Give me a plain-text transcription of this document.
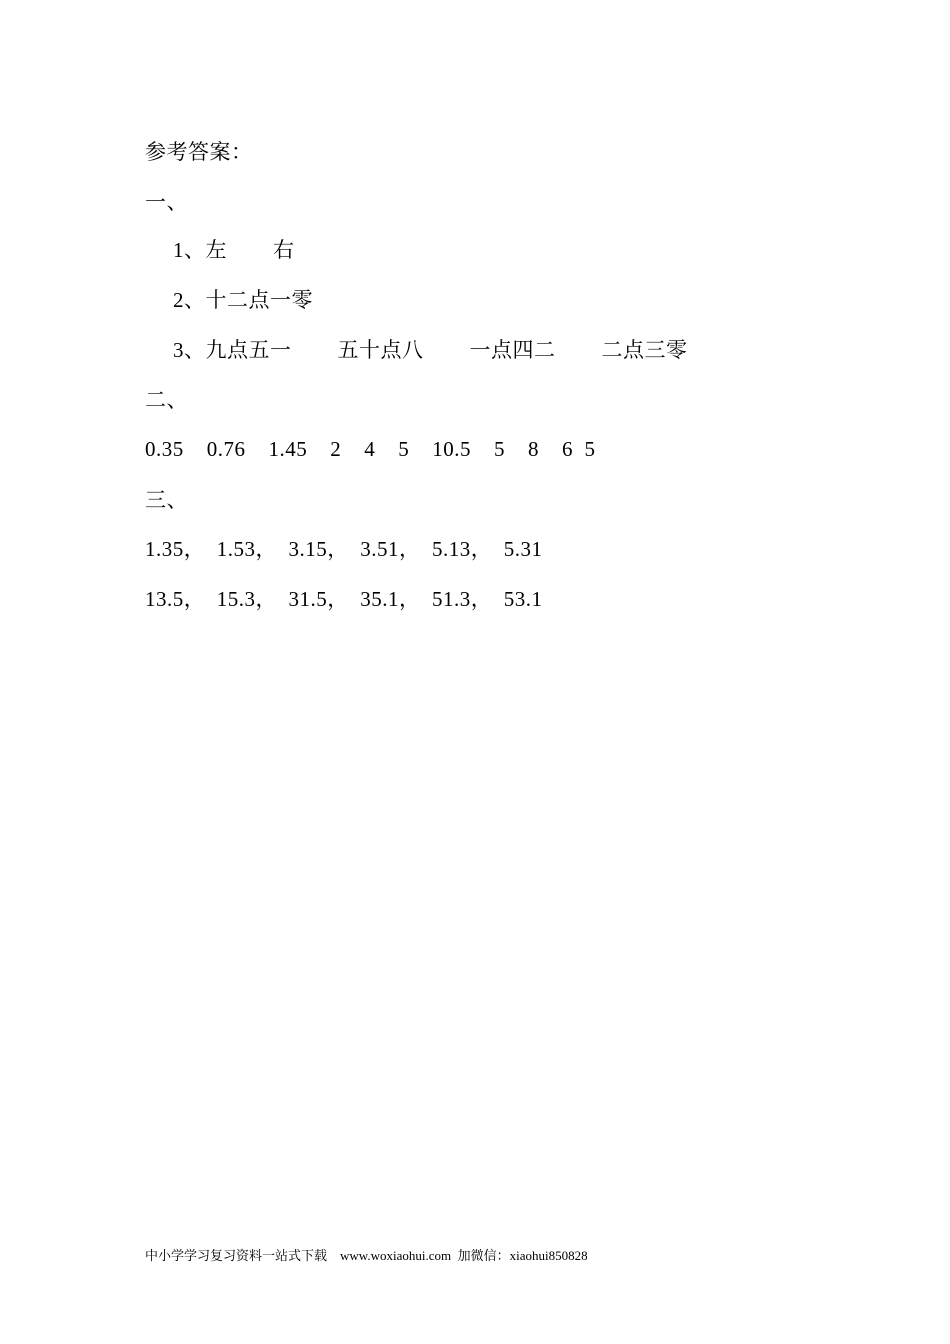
参考答案：
一、
1、左        右
2、十二点一零
3、九点五一        五十点八        一点四二        二点三零
二、
0.35    0.76    1.45    2    4    5    10.5    5    8    6  5
三、
1.35，  1.53，  3.15，  3.51，  5.13，  5.31
13.5，  15.3，  31.5，  35.1，  51.3，  53.1
中小学学习复习资料一站式下载    www.woxiaohui.com  加微信：xiaohui850828
